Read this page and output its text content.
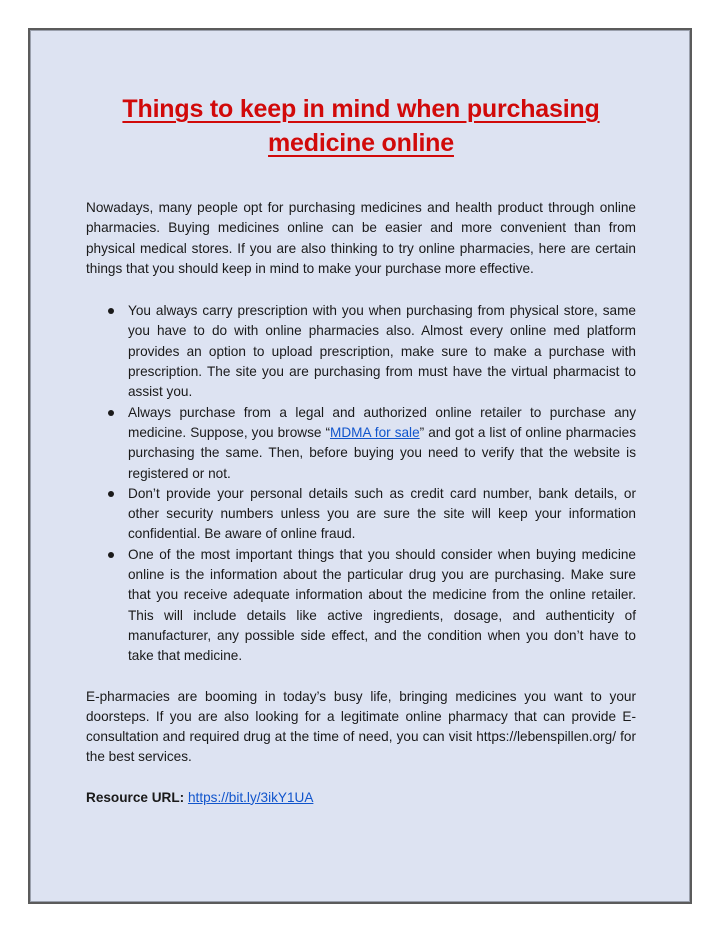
Things to keep in mind when purchasing
medicine online

Nowadays, many people opt for purchasing medicines and health product through online pharmacies. Buying medicines online can be easier and more convenient than from physical medical stores. If you are also thinking to try online pharmacies, here are certain things that you should keep in mind to make your purchase more effective.

You always carry prescription with you when purchasing from physical store, same you have to do with online pharmacies also. Almost every online med platform provides an option to upload prescription, make sure to make a purchase with prescription. The site you are purchasing from must have the virtual pharmacist to assist you.
Always purchase from a legal and authorized online retailer to purchase any medicine. Suppose, you browse “MDMA for sale” and got a list of online pharmacies purchasing the same. Then, before buying you need to verify that the website is registered or not.
Don’t provide your personal details such as credit card number, bank details, or other security numbers unless you are sure the site will keep your information confidential. Be aware of online fraud.
One of the most important things that you should consider when buying medicine online is the information about the particular drug you are purchasing. Make sure that you receive adequate information about the medicine from the online retailer. This will include details like active ingredients, dosage, and authenticity of manufacturer, any possible side effect, and the condition when you don’t have to take that medicine.

E-pharmacies are booming in today’s busy life, bringing medicines you want to your doorsteps. If you are also looking for a legitimate online pharmacy that can provide E-consultation and required drug at the time of need, you can visit https://lebenspillen.org/ for the best services.

Resource URL: https://bit.ly/3ikY1UA
